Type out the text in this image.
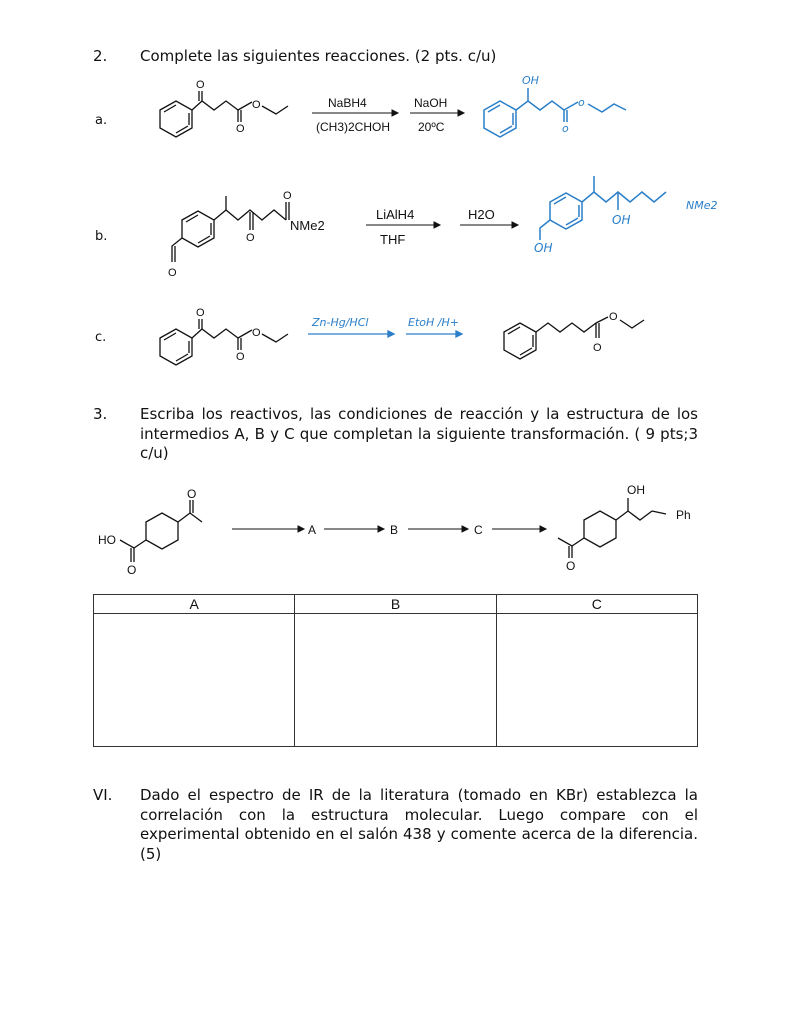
2. Complete las siguientes reacciones. (2 pts. c/u)
a.
O
O
O	NaBH4
(CH3)2CHOH
NaOH
20ºC
OH
o
o
b.
O
O
O
NMe2
LiAlH4
THF
H2O
OH
OH
NMe2
c.
O
O
O
Zn-Hg/HCl	EtoH /H+
O
O
3. Escriba los reactivos, las condiciones de reacción y la estructura de los intermedios A, B y C que completan la siguiente transformación. ( 9 pts;3 c/u)
O
HO
O
A	B	C
OH
Ph
O
A	B	C

VI. Dado el espectro de IR de la literatura (tomado en KBr) establezca la correlación con la estructura molecular. Luego compare con el experimental obtenido en el salón 438 y comente acerca de la diferencia. (5)
